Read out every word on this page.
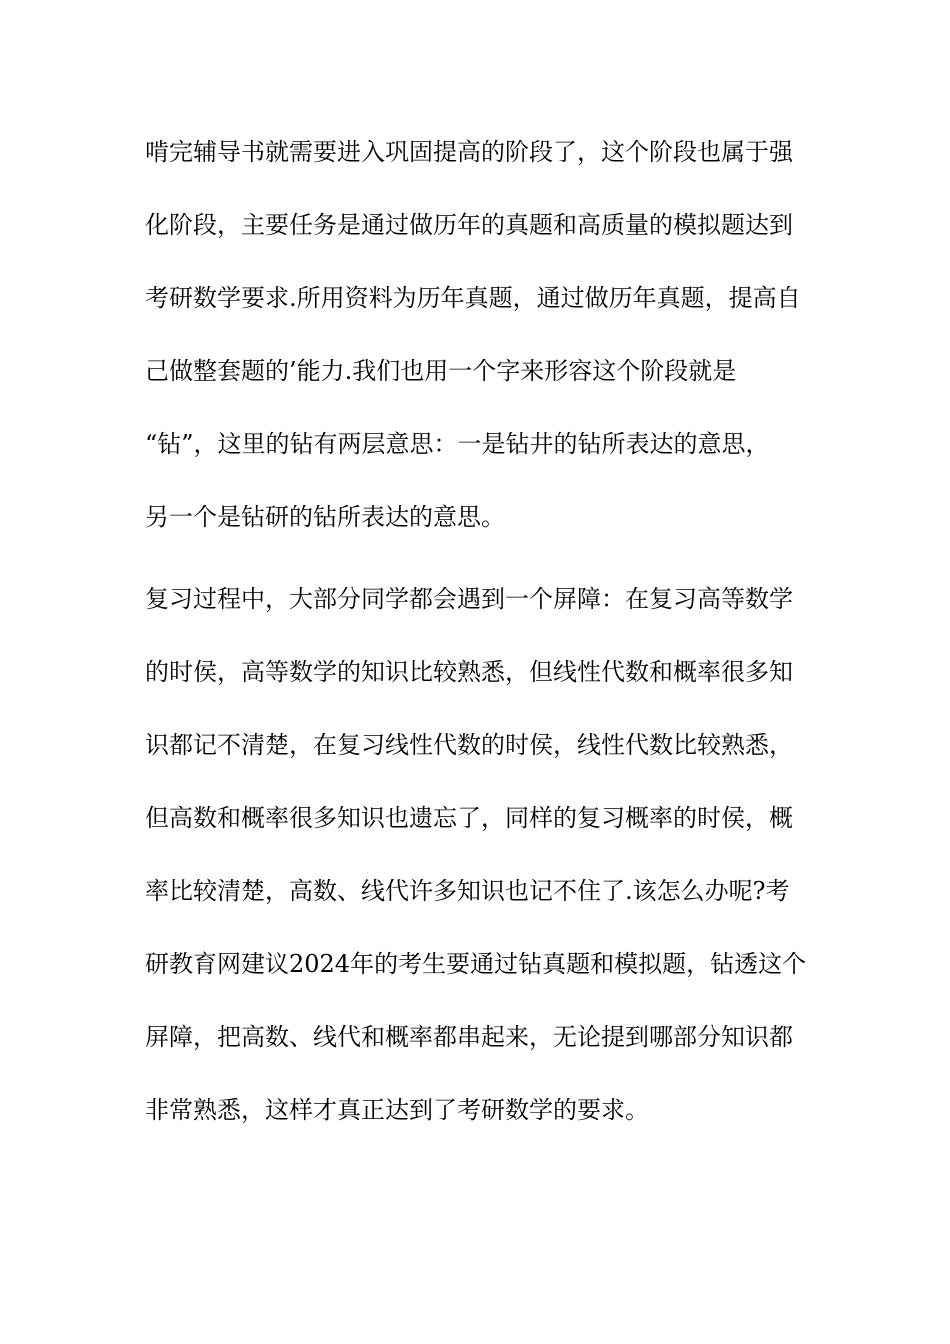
啃完辅导书就需要进入巩固提高的阶段了，这个阶段也属于强

化阶段，主要任务是通过做历年的真题和高质量的模拟题达到

考研数学要求.所用资料为历年真题，通过做历年真题，提高自

己做整套题的’能力.我们也用一个字来形容这个阶段就是

“钻”，这里的钻有两层意思：一是钻井的钻所表达的意思，

另一个是钻研的钻所表达的意思。

复习过程中，大部分同学都会遇到一个屏障：在复习高等数学

的时侯，高等数学的知识比较熟悉，但线性代数和概率很多知

识都记不清楚，在复习线性代数的时侯，线性代数比较熟悉，

但高数和概率很多知识也遗忘了，同样的复习概率的时侯，概

率比较清楚，高数、线代许多知识也记不住了.该怎么办呢?考

研教育网建议2024年的考生要通过钻真题和模拟题，钻透这个

屏障，把高数、线代和概率都串起来，无论提到哪部分知识都

非常熟悉，这样才真正达到了考研数学的要求。
